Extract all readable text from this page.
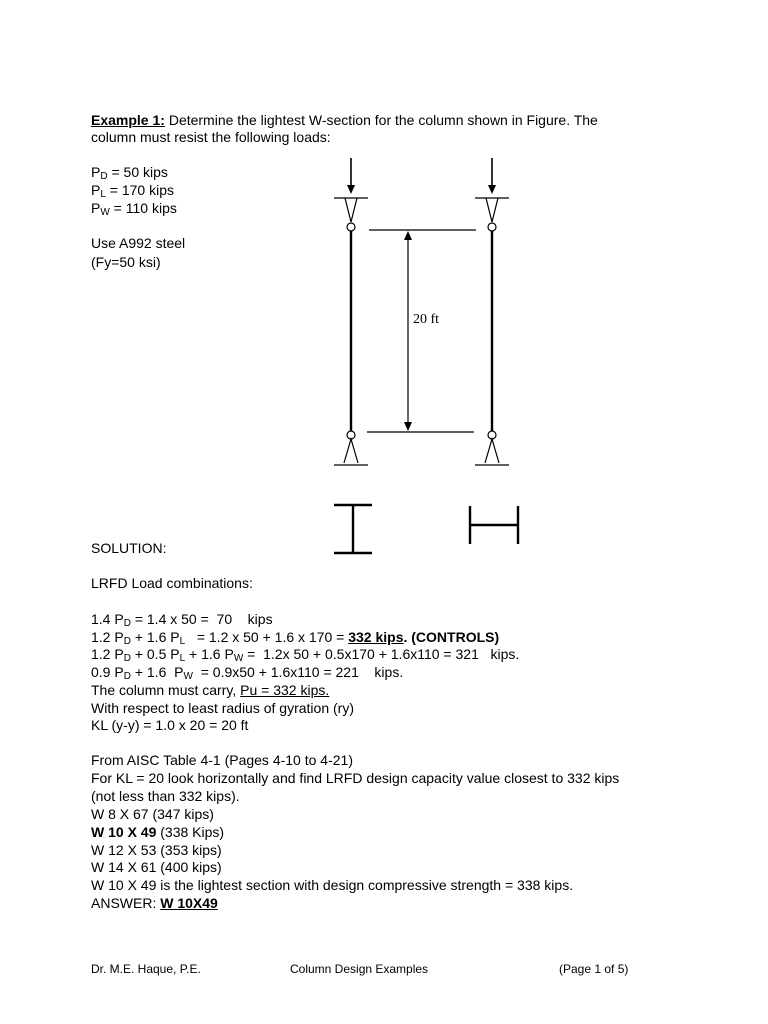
Example 1: Determine the lightest W-section for the column shown in Figure. The
column must resist the following loads:
$P_D = 50$ kips
$P_L = 170$ kips
$P_W = 110$ kips
Use A992 steel
(Fy=50 ksi)
20 ft
SOLUTION:
LRFD Load combinations:
1.4 $P_D = 1.4$ x 50 =  70    kips
1.2 $P_D + 1.6$ $P_L = 1.2$ x 50 + 1.6 x 170 = 332 kips. (CONTROLS)
1.2 $P_D + 0.5$ $P_L + 1.6$ $P_W = 1.2x$ 50 + 0.5x170 + 1.6x110 = 321   kips.
0.9 $P_D + 1.6$  $P_W = 0.9x50 + 1.6x110 = 221$    kips.
The column must carry, Pu = 332 kips.
With respect to least radius of gyration (ry)
KL (y-y) = 1.0 x 20 = 20 ft
From AISC Table 4-1 (Pages 4-10 to 4-21)
For KL = 20 look horizontally and find LRFD design capacity value closest to 332 kips
(not less than 332 kips).
W 8 X 67 (347 kips)
W 10 X 49 (338 Kips)
W 12 X 53 (353 kips)
W 14 X 61 (400 kips)
W 10 X 49 is the lightest section with design compressive strength = 338 kips.
ANSWER: W 10X49
Dr. M.E. Haque, P.E.	Column Design Examples	(Page 1 of 5)
